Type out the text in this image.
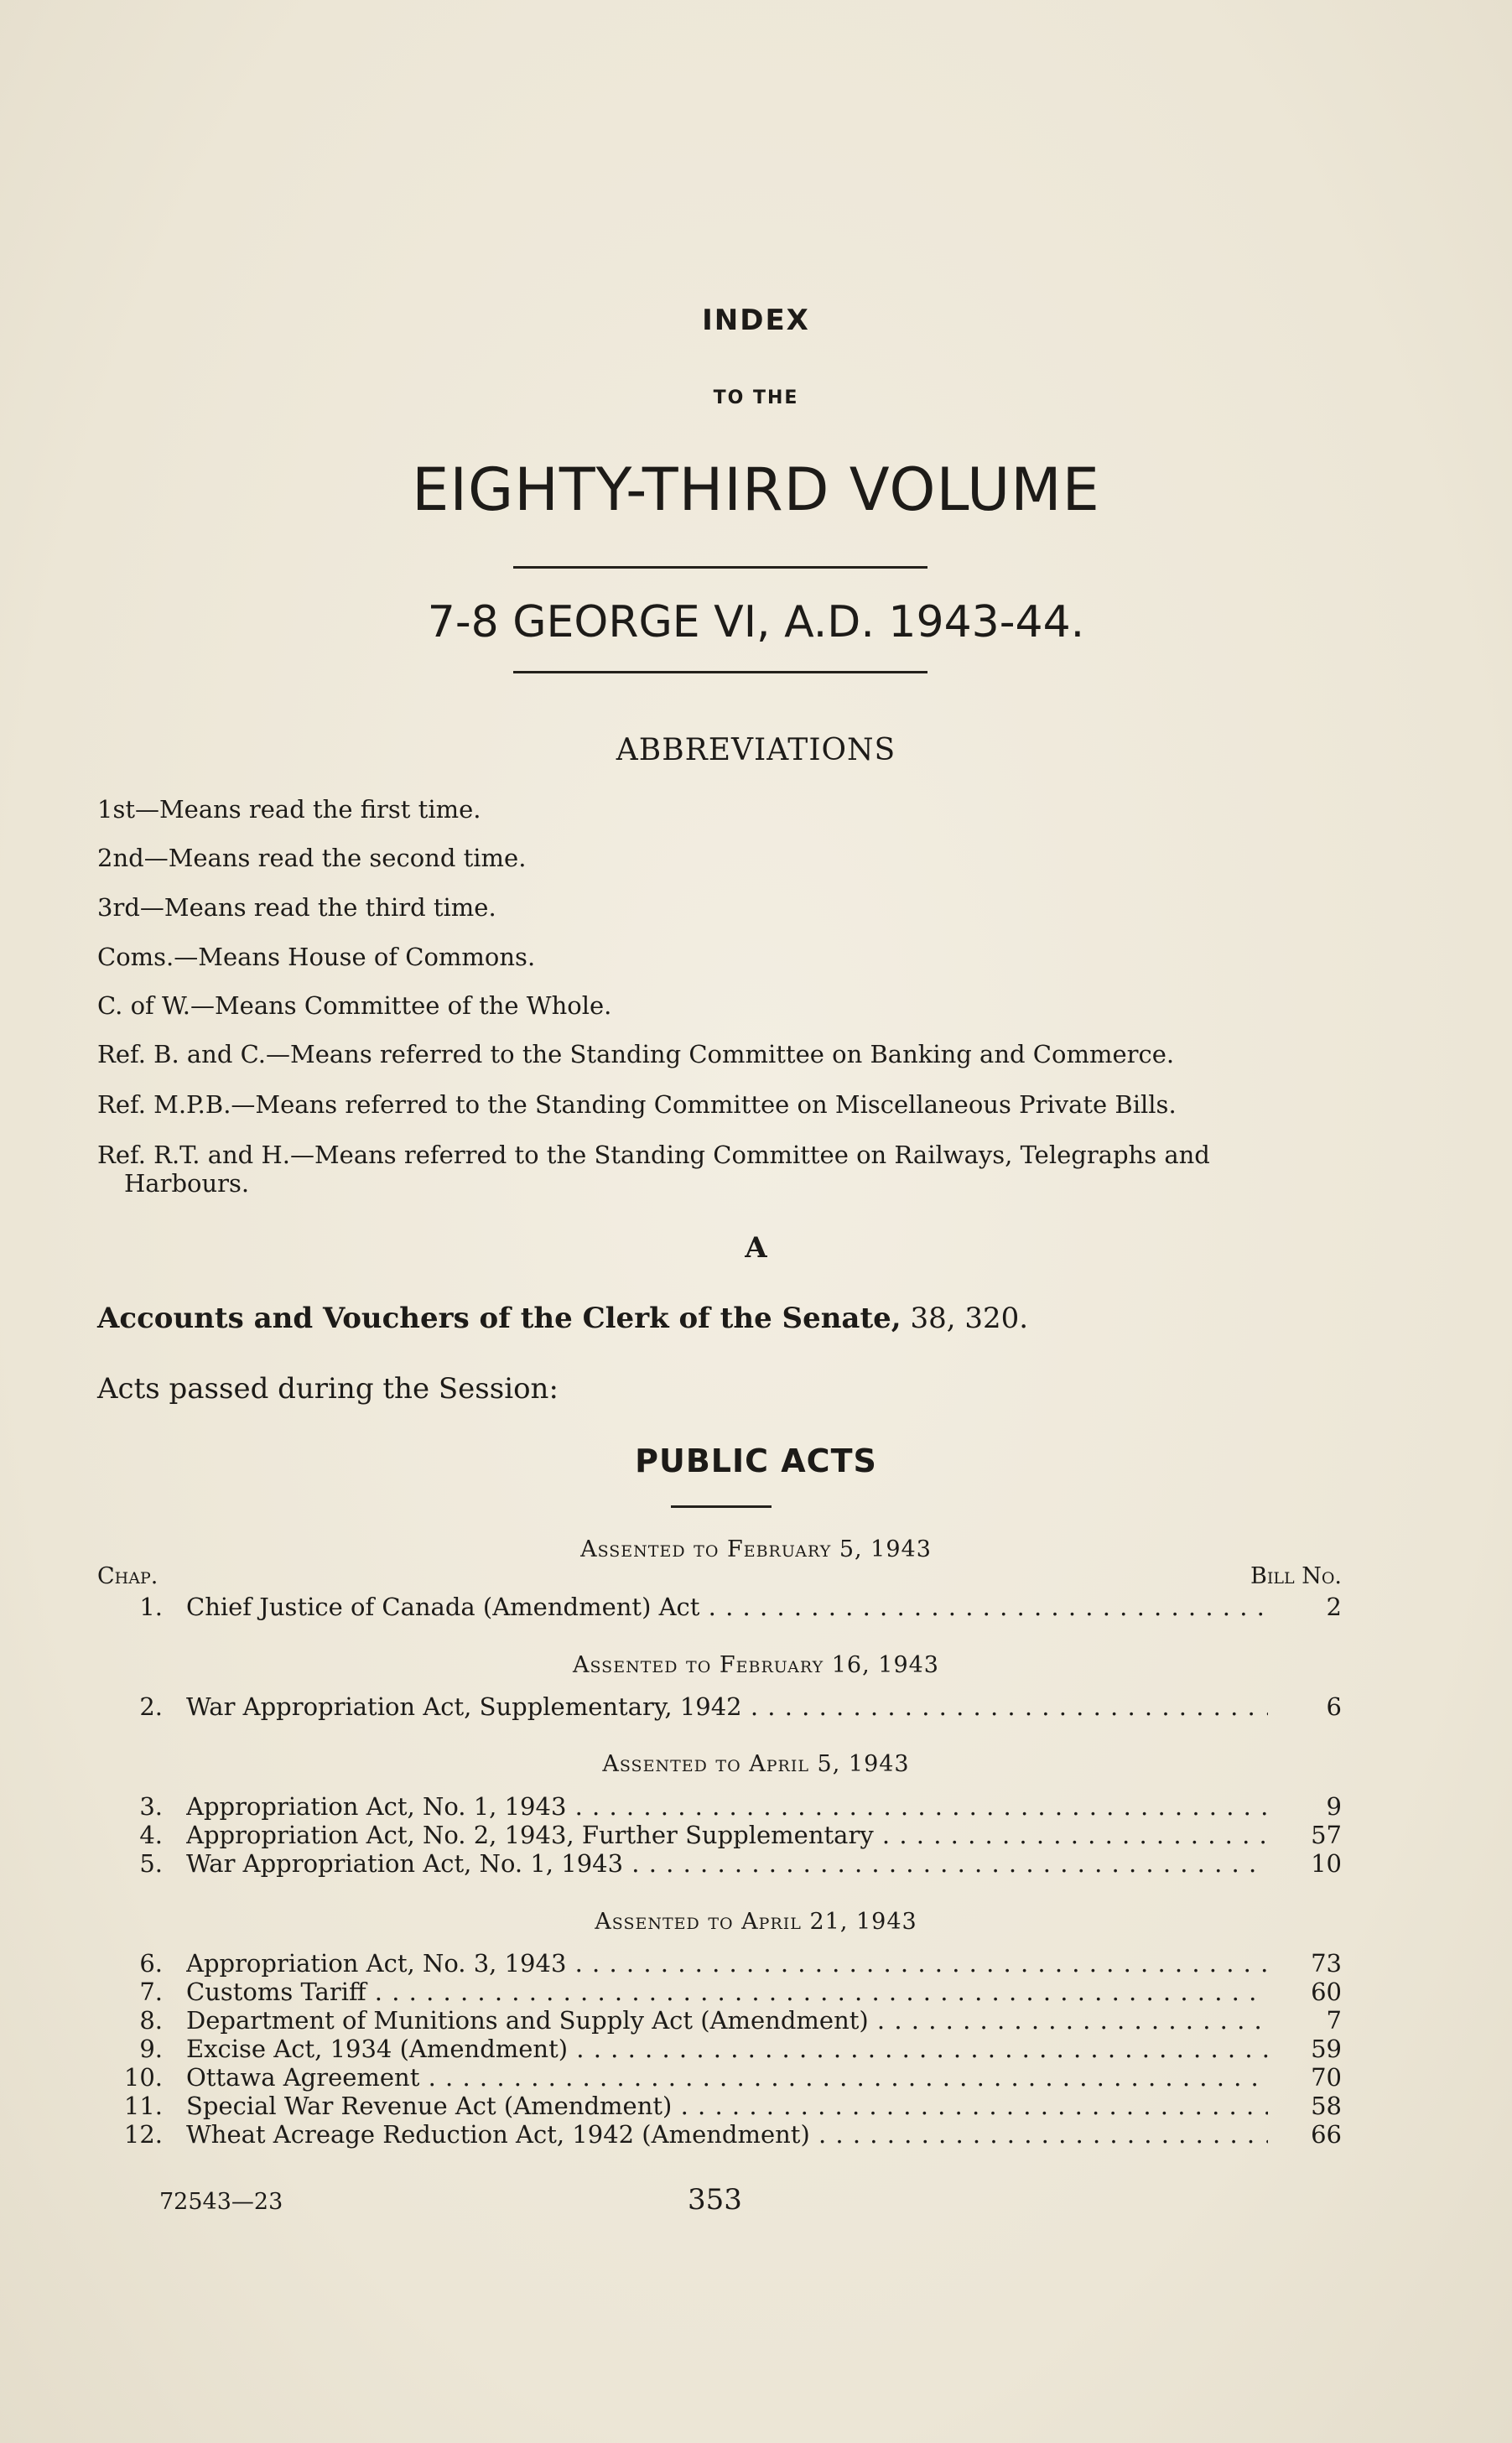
INDEX
TO THE
EIGHTY-THIRD VOLUME
7-8 GEORGE VI, A.D. 1943-44.
ABBREVIATIONS
1st—Means read the first time.
2nd—Means read the second time.
3rd—Means read the third time.
Coms.—Means House of Commons.
C. of W.—Means Committee of the Whole.
Ref. B. and C.—Means referred to the Standing Committee on Banking and Commerce.
Ref. M.P.B.—Means referred to the Standing Committee on Miscellaneous Private Bills.
Ref. R.T. and H.—Means referred to the Standing Committee on Railways, Telegraphs and
Harbours.
A
Accounts and Vouchers of the Clerk of the Senate, 38, 320.
Acts passed during the Session:
PUBLIC ACTS
Assented to February 5, 1943
Chap.	Bill No.
1. Chief Justice of Canada (Amendment) Act . . .	2
Assented to February 16, 1943
2. War Appropriation Act, Supplementary, 1942 . . .	6
Assented to April 5, 1943
3. Appropriation Act, No. 1, 1943 . . .	9
4. Appropriation Act, No. 2, 1943, Further Supplementary . . .	57
5. War Appropriation Act, No. 1, 1943 . . .	10
Assented to April 21, 1943
6. Appropriation Act, No. 3, 1943 . . .	73
7. Customs Tariff . . .	60
8. Department of Munitions and Supply Act (Amendment) . . .	7
9. Excise Act, 1934 (Amendment) . . .	59
10. Ottawa Agreement . . .	70
11. Special War Revenue Act (Amendment) . . .	58
12. Wheat Acreage Reduction Act, 1942 (Amendment) . . .	66
72543—23	353
